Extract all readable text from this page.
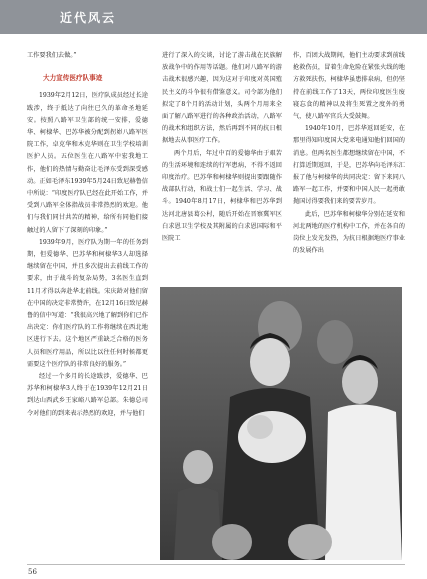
近代风云

工作要我们去做。”

大力宣传医疗队事迹

1939年2月12日，医疗队成员经过长途跋涉，终于抵达了向往已久的革命圣地延安。按照八路军卫生部的统一安排，爱德华、柯棣华、巴苏华被分配到拐峁八路军医院工作，卓克华和木克华则在卫生学校培训医护人员。五位医生在八路军中宏我地工作，他们的热情与勤奋让毛泽东受到深受感动。正如毛泽东1939年5月24日致尼赫鲁信中所说：“印度医疗队已经在此开始工作，并受到八路军全体指战员非常热烈的欢迎。他们与我们同甘共苦的精神，给所有同他们接触过的人留下了深刻的印象。”

1939年9月，医疗队为期一年的任务到期，但爱德华、巴苏华和柯棣华3人却选择继续留在中国，并且多次提出去前线工作的要求，由于战斗的复杂局势，3名医生直到11月才得以奔赴华北前线。宋庆龄对他们留在中国的决定非常赞许，在12月16日致尼赫鲁的信中写道：“我很高兴地了解到你们已作出决定：你们医疗队的工作将继续在西北地区进行下去。这个地区严重缺乏合格的医务人员和医疗用品，所以比以往任何时候都更需要这个医疗队的非常良好的服务。”

经过一个多月的长途跋涉，爱德华、巴苏华和柯棣华3人终于在1939年12月21日到达山西武乡王家峪八路军总部。朱德总司令对他们的到来表示热烈的欢迎，并与他们

进行了深入的交谈，讨论了游击战在民族解放战争中的作用等话题。他们对八路军的游击战术很感兴趣，因为这对于印度对英国殖民主义的斗争很有借鉴意义。司令部为他们拟定了8个月的活动计划，头两个月用来全面了解八路军进行的各种政治活动，八路军的战术和组织方法，然后再到不同的抗日根据地去从事医疗工作。

两个月后，年过中百的爱德华由于艰苦的生活环境和连续的行军患病，不得不返回印度治疗。巴苏华和柯棣华则提出要跟随作战部队行动，和战士们一起生活、学习、战斗。1940年8月17日，柯棣华和巴苏华到达河北唐县葛公村，随后开始在晋察冀军区白求恩卫生学校及其附属的白求恩国际和平医院工

作，百团大战期间，他们主动要求到前线抢救伤员，冒着生命危险在紧张火线的地方救死扶伤，柯棣华虽患排泉病，但仍坚持在前线工作了13天，两位印度医生废寝忘食的精神以及将生死置之度外的勇气，使八路军官兵大受鼓舞。

1940年10月，巴苏华返回延安，在那里得知印度国大党来电通知他们回国的消息。但两名医生都想继续留在中国，不打算近期返回，于是，巴苏华向毛泽东汇报了他与柯棣华的共同决定：留下来同八路军一起工作，并要和中国人民一起勇敢抛国讨得要我们来的要苦岁月。

此后，巴苏华和柯棣华分别在延安和河北两地的医疗机构中工作，并在各自的岗位上发光发热，为抗日根据地医疗事业的发展作出

56
